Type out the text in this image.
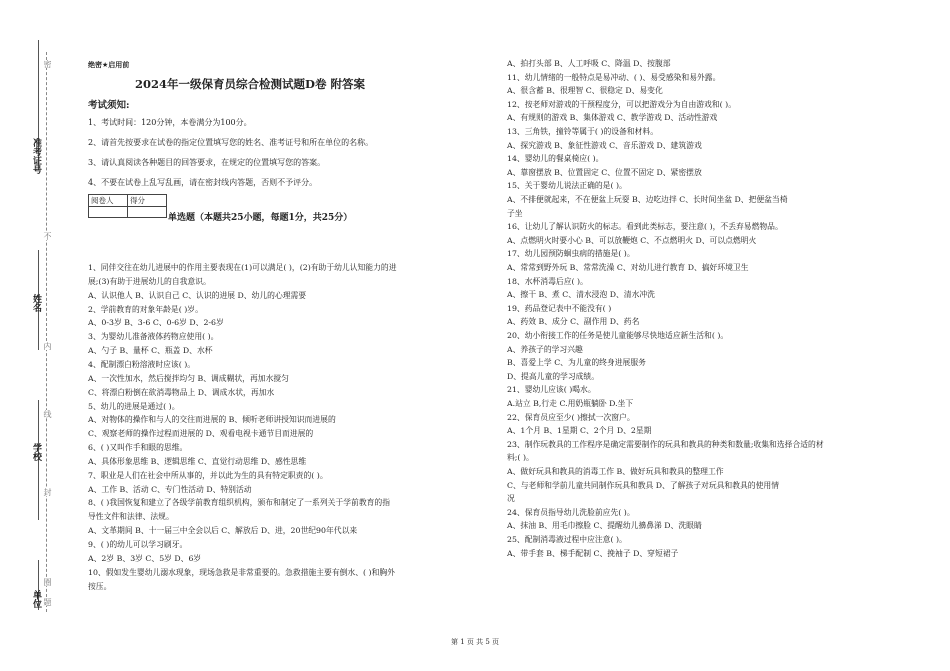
准考证号
姓名
学校
单位
密
不
内
线
封
圈
题
绝密★启用前
2024年一级保育员综合检测试题D卷 附答案
考试须知:
1、考试时间：120分钟，本卷满分为100分。
2、请首先按要求在试卷的指定位置填写您的姓名、准考证号和所在单位的名称。
3、请认真阅读各种题目的回答要求，在规定的位置填写您的答案。
4、不要在试卷上乱写乱画，请在密封线内答题，否则不予评分。
阅卷人	得分

单选题（本题共25小题，每题1分，共25分）
1、同伴交往在幼儿进展中的作用主要表现在(1)可以满足( )，(2)有助于幼儿认知能力的进
展;(3)有助于进展幼儿的自我意识。
A、认识他人 B、认识自己 C、认识的进展 D、幼儿的心理需要
2、学前教育的对象年龄是( )岁。
A、0-3岁 B、3-6 C、0-6岁 D、2-6岁
3、为婴幼儿准备液体药物应使用( )。
A、勺子 B、量杯 C、瓶盖 D、水杯
4、配制漂白粉溶液时应该( )。
A、一次性加水，然后搅拌均匀 B、调成糊状，再加水搅匀
C、将漂白粉倒在欲消毒物品上 D、调成水状，再加水
5、幼儿的进展是通过( )。
A、对物体的操作和与人的交往而进展的 B、倾听老师讲授知识而进展的
C、观察老师的操作过程而进展的 D、观看电视卡通节目而进展的
6、( )又叫作手和眼的思维。
A、具体形象思维 B、逻辑思维 C、直觉行动思维 D、感性思维
7、职业是人们在社会中所从事的，并以此为生的具有特定职责的( )。
A、工作 B、活动 C、专门性活动 D、特别活动
8、( )我国恢复和建立了各级学前教育组织机构，颁布和制定了一系列关于学前教育的指
导性文件和法律、法规。
A、文革期间 B、十一届三中全会以后 C、解放后 D、进，20世纪90年代以来
9、( )的幼儿可以学习刷牙。
A、2岁 B、3岁 C、5岁 D、6岁
10、假如发生婴幼儿溺水现象，现场急救是非常重要的。急救措施主要有倒水、( )和胸外
按压。
A、拍打头部 B、人工呼吸 C、降温 D、按腹部
11、幼儿情绪的一般特点是易冲动、( )、易受感染和易外露。
A、很含蓄 B、很理智 C、很稳定 D、易变化
12、按老师对游戏的干预程度分，可以把游戏分为自由游戏和( )。
A、有规则的游戏 B、集体游戏 C、教学游戏 D、活动性游戏
13、三角铁，撞铃等属于( )的设备和材料。
A、探究游戏 B、象征性游戏 C、音乐游戏 D、建筑游戏
14、婴幼儿的餐桌椅应( )。
A、靠窗摆放 B、位置固定 C、位置不固定 D、紧密摆放
15、关于婴幼儿说法正确的是( )。
A、不排便就起来，不在便盆上玩耍 B、边吃边拌 C、长时间坐盆 D、把便盆当椅
子坐
16、让幼儿了解认识防火的标志。看到此类标志，要注意( )，不丢弃易燃物品。
A、点燃明火时要小心 B、可以放鞭炮 C、不点燃明火 D、可以点燃明火
17、幼儿园预防蛔虫病的措施是( )。
A、常常到野外玩 B、常常洗澡 C、对幼儿进行教育 D、搞好环境卫生
18、水杯消毒后应( )。
A、擦干 B、煮 C、清水浸泡 D、清水冲洗
19、药品登记表中不能没有( )
A、药效 B、成分 C、副作用 D、药名
20、幼小衔接工作的任务是使儿童能够尽快地适应新生活和( )。
A、养孩子的学习兴趣
B、喜爱上学 C、为儿童的终身进展服务
D、提高儿童的学习成绩。
21、婴幼儿应该( )喝水。
A.站立 B,行走 C.用奶瓶躺卧 D.坐下
22、保育员应至少( )擦拭一次窗户。
A、1个月 B、1星期 C、2个月 D、2星期
23、制作玩教具的工作程序是确定需要制作的玩具和教具的种类和数量;收集和选择合适的材
料;( )。
A、做好玩具和教具的消毒工作 B、做好玩具和教具的整理工作
C、与老师和学前儿童共同制作玩具和教具 D、了解孩子对玩具和教具的使用情
况
24、保育员指导幼儿洗脸前应先( )。
A、抹油 B、用毛巾擦脸 C、提醒幼儿擤鼻涕 D、洗眼睛
25、配制消毒液过程中应注意( )。
A、带手套 B、梯手配制 C、挽袖子 D、穿短裙子
第 1 页 共 5 页
